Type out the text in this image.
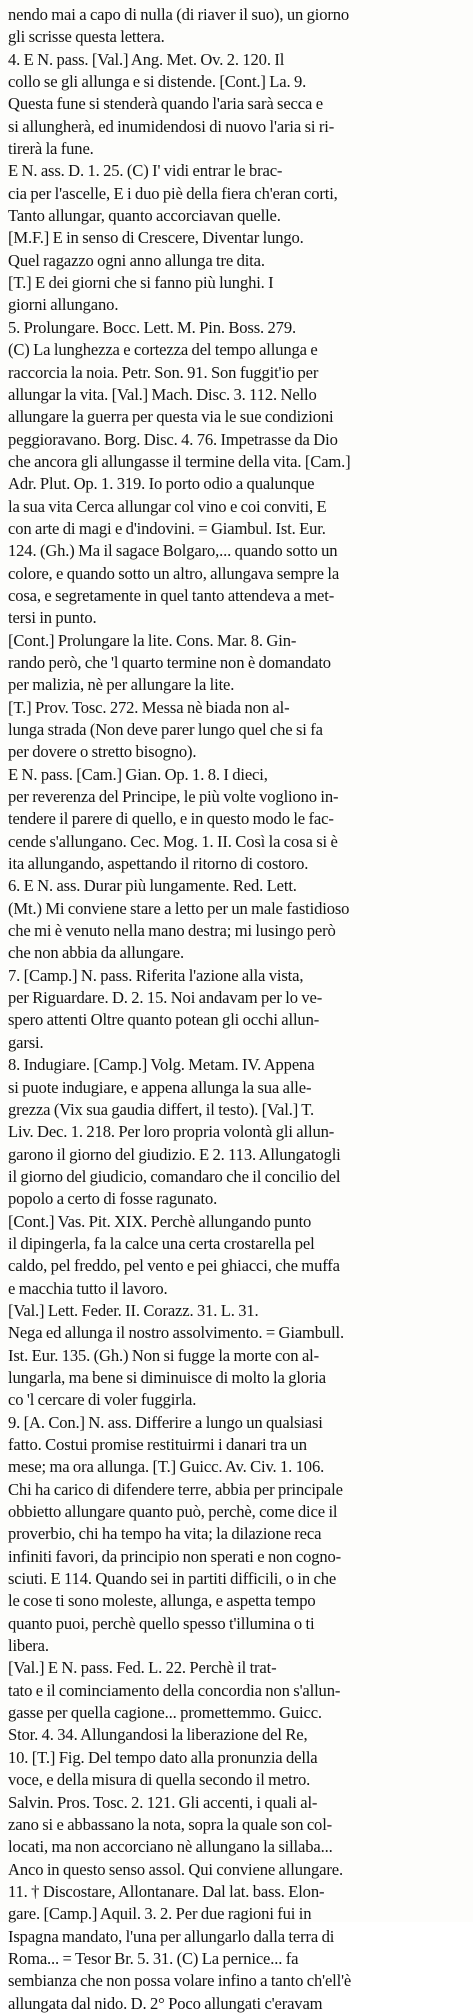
nendo mai a capo di nulla (di riaver il suo), un giorno
gli scrisse questa lettera.
4. E N. pass. [Val.] Ang. Met. Ov. 2. 120. Il
collo se gli allunga e si distende. [Cont.] La. 9.
Questa fune si stenderà quando l'aria sarà secca e
si allungherà, ed inumidendosi di nuovo l'aria si ri-
tirerà la fune.
E N. ass. D. 1. 25. (C) I' vidi entrar le brac-
cia per l'ascelle, E i duo piè della fiera ch'eran corti,
Tanto allungar, quanto accorciavan quelle.
[M.F.] E in senso di Crescere, Diventar lungo.
Quel ragazzo ogni anno allunga tre dita.
[T.] E dei giorni che si fanno più lunghi. I
giorni allungano.
5. Prolungare. Bocc. Lett. M. Pin. Boss. 279.
(C) La lunghezza e cortezza del tempo allunga e
raccorcia la noia. Petr. Son. 91. Son fuggit'io per
allungar la vita. [Val.] Mach. Disc. 3. 112. Nello
allungare la guerra per questa via le sue condizioni
peggioravano. Borg. Disc. 4. 76. Impetrasse da Dio
che ancora gli allungasse il termine della vita. [Cam.]
Adr. Plut. Op. 1. 319. Io porto odio a qualunque
la sua vita Cerca allungar col vino e coi conviti, E
con arte di magi e d'indovini. = Giambul. Ist. Eur.
124. (Gh.) Ma il sagace Bolgaro,... quando sotto un
colore, e quando sotto un altro, allungava sempre la
cosa, e segretamente in quel tanto attendeva a met-
tersi in punto.
[Cont.] Prolungare la lite. Cons. Mar. 8. Gin-
rando però, che 'l quarto termine non è domandato
per malizia, nè per allungare la lite.
[T.] Prov. Tosc. 272. Messa nè biada non al-
lunga strada (Non deve parer lungo quel che si fa
per dovere o stretto bisogno).
E N. pass. [Cam.] Gian. Op. 1. 8. I dieci,
per reverenza del Principe, le più volte vogliono in-
tendere il parere di quello, e in questo modo le fac-
cende s'allungano. Cec. Mog. 1. II. Così la cosa si è
ita allungando, aspettando il ritorno di costoro.
6. E N. ass. Durar più lungamente. Red. Lett.
(Mt.) Mi conviene stare a letto per un male fastidioso
che mi è venuto nella mano destra; mi lusingo però
che non abbia da allungare.
7. [Camp.] N. pass. Riferita l'azione alla vista,
per Riguardare. D. 2. 15. Noi andavam per lo ve-
spero attenti Oltre quanto potean gli occhi allun-
garsi.
8. Indugiare. [Camp.] Volg. Metam. IV. Appena
si puote indugiare, e appena allunga la sua alle-
grezza (Vix sua gaudia differt, il testo). [Val.] T.
Liv. Dec. 1. 218. Per loro propria volontà gli allun-
garono il giorno del giudizio. E 2. 113. Allungatogli
il giorno del giudicio, comandaro che il concilio del
popolo a certo di fosse ragunato.
[Cont.] Vas. Pit. XIX. Perchè allungando punto
il dipingerla, fa la calce una certa crostarella pel
caldo, pel freddo, pel vento e pei ghiacci, che muffa
e macchia tutto il lavoro.
[Val.] Lett. Feder. II. Corazz. 31. L. 31.
Nega ed allunga il nostro assolvimento. = Giambull.
Ist. Eur. 135. (Gh.) Non si fugge la morte con al-
lungarla, ma bene si diminuisce di molto la gloria
co 'l cercare di voler fuggirla.
9. [A. Con.] N. ass. Differire a lungo un qualsiasi
fatto. Costui promise restituirmi i danari tra un
mese; ma ora allunga. [T.] Guicc. Av. Civ. 1. 106.
Chi ha carico di difendere terre, abbia per principale
obbietto allungare quanto può, perchè, come dice il
proverbio, chi ha tempo ha vita; la dilazione reca
infiniti favori, da principio non sperati e non cogno-
sciuti. E 114. Quando sei in partiti difficili, o in che
le cose ti sono moleste, allunga, e aspetta tempo
quanto puoi, perchè quello spesso t'illumina o ti
libera.
[Val.] E N. pass. Fed. L. 22. Perchè il trat-
tato e il cominciamento della concordia non s'allun-
gasse per quella cagione... promettemmo. Guicc.
Stor. 4. 34. Allungandosi la liberazione del Re,
10. [T.] Fig. Del tempo dato alla pronunzia della
voce, e della misura di quella secondo il metro.
Salvin. Pros. Tosc. 2. 121. Gli accenti, i quali al-
zano si e abbassano la nota, sopra la quale son col-
locati, ma non accorciano nè allungano la sillaba...
Anco in questo senso assol. Qui conviene allungare.
11. † Discostare, Allontanare. Dal lat. bass. Elon-
gare. [Camp.] Aquil. 3. 2. Per due ragioni fui in
Ispagna mandato, l'una per allungarlo dalla terra di
Roma... = Tesor Br. 5. 31. (C) La pernice... fa
sembianza che non possa volare infino a tanto ch'ell'è
allungata dal nido. D. 2° Poco allungati c'eravam
